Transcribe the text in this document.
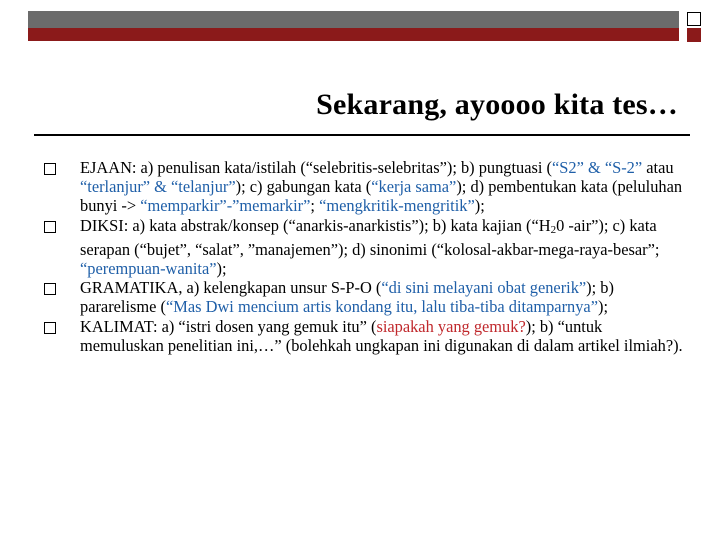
Sekarang, ayoooo kita tes…
EJAAN: a) penulisan kata/istilah (“selebritis-selebritas”); b) pungtuasi (“S2” & “S-2” atau “terlanjur” & “telanjur”); c) gabungan kata (“kerja sama”); d) pembentukan kata (peluluhan bunyi -> “memparkir”-”memarkir”; “mengkritik-mengritik”);
DIKSI: a) kata abstrak/konsep (“anarkis-anarkistis”); b) kata kajian (“$H_20$ -air”); c) kata serapan (“bujet”, “salat”, ”manajemen”); d) sinonimi (“kolosal-akbar-mega-raya-besar”; “perempuan-wanita”);
GRAMATIKA, a) kelengkapan unsur S-P-O (“di sini melayani obat generik”); b) pararelisme (“Mas Dwi mencium artis kondang itu, lalu tiba-tiba ditamparnya”);
KALIMAT: a) “istri dosen yang gemuk itu” (siapakah yang gemuk?); b) “untuk memuluskan penelitian ini,…” (bolehkah ungkapan ini digunakan di dalam artikel ilmiah?).
